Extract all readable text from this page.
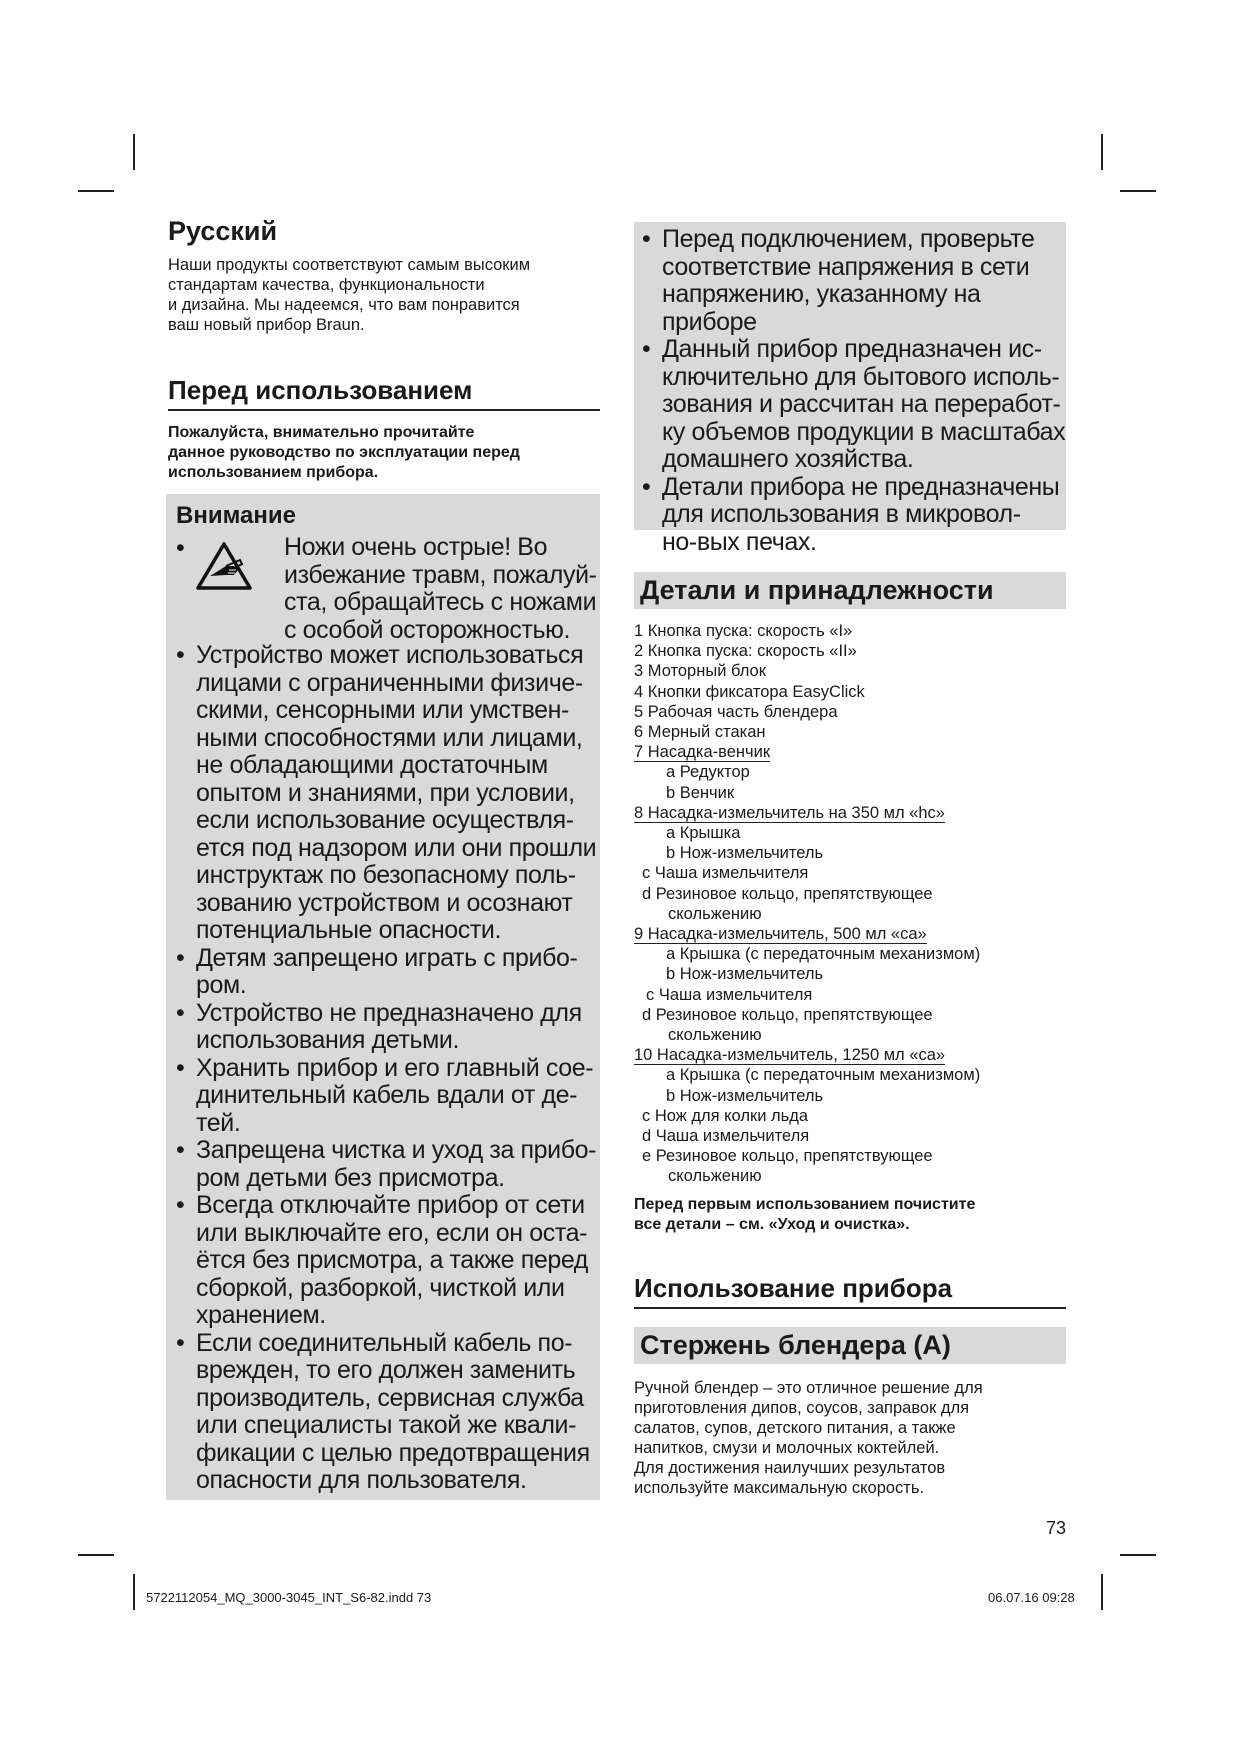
Русский

Наши продукты соответствуют самым высоким
стандартам качества, функциональности
и дизайна. Мы надеемся, что вам понравится
ваш новый прибор Braun.

Перед использованием

Пожалуйста, внимательно прочитайте
данное руководство по эксплуатации перед
использованием прибора.

Внимание
•	Ножи очень острые! Во
избежание травм, пожалуй-
ста, обращайтесь с ножами
с особой осторожностью.
• Устройство может использоваться
лицами с ограниченными физиче-
скими, сенсорными или умствен-
ными способностями или лицами,
не обладающими достаточным
опытом и знаниями, при условии,
если использование осуществля-
ется под надзором или они прошли
инструктаж по безопасному поль-
зованию устройством и осознают
потенциальные опасности.
• Детям запрещено играть с прибо-
ром.
• Устройство не предназначено для
использования детьми.
• Хранить прибор и его главный сое-
динительный кабель вдали от де-
тей.
• Запрещена чистка и уход за прибо-
ром детьми без присмотра.
• Всегда отключайте прибор от сети
или выключайте его, если он оста-
ётся без присмотра, а также перед
сборкой, разборкой, чисткой или
хранением.
• Если соединительный кабель по-
врежден, то его должен заменить
производитель, сервисная служба
или специалисты такой же квали-
фикации с целью предотвращения
опасности для пользователя.
• Перед подключением, проверьте
соответствие напряжения в сети
напряжению, указанному на приборе
• Данный прибор предназначен ис-
ключительно для бытового исполь-
зования и рассчитан на переработ-
ку объемов продукции в масштабах
домашнего хозяйства.
• Детали прибора не предназначены
для использования в микровол-
но-вых печах.
Детали и принадлежности
1 Кнопка пуска: скорость «I»
2 Кнопка пуска: скорость «II»
3 Моторный блок
4 Кнопки фиксатора EasyClick
5 Рабочая часть блендера
6 Мерный стакан
7 Насадка-венчик
a Редуктор
b Венчик
8 Насадка-измельчитель на 350 мл «hc»
a Крышка
b Нож-измельчитель
c Чаша измельчителя
d Резиновое кольцо, препятствующее
скольжению
9 Насадка-измельчитель, 500 мл «ca»
a Крышка (с передаточным механизмом)
b Нож-измельчитель
c Чаша измельчителя
d Резиновое кольцо, препятствующее
скольжению
10 Насадка-измельчитель, 1250 мл «ca»
a Крышка (с передаточным механизмом)
b Нож-измельчитель
c Нож для колки льда
d Чаша измельчителя
e Резиновое кольцо, препятствующее
скольжению

Перед первым использованием почистите
все детали – см. «Уход и очистка».

Использование прибора
Стержень блендера (A)

Ручной блендер – это отличное решение для
приготовления дипов, соусов, заправок для
салатов, супов, детского питания, а также
напитков, смузи и молочных коктейлей.
Для достижения наилучших результатов
используйте максимальную скорость.

73
5722112054_MQ_3000-3045_INT_S6-82.indd 73	06.07.16 09:28
